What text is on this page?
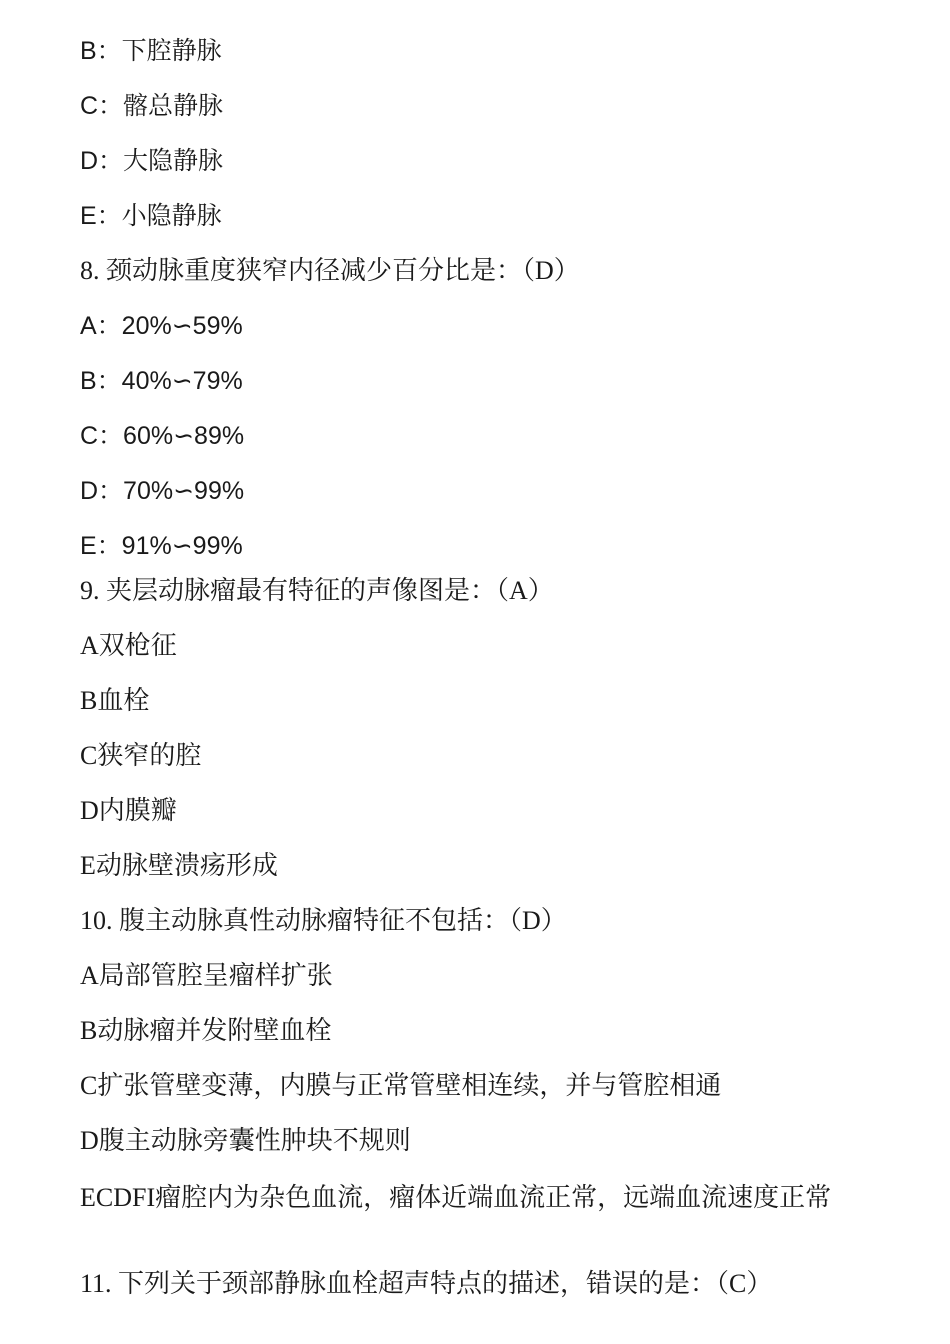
B：下腔静脉
C：髂总静脉
D：大隐静脉
E：小隐静脉
8. 颈动脉重度狭窄内径减少百分比是：（D）
A：20%∽59%
B：40%∽79%
C：60%∽89%
D：70%∽99%
E：91%∽99%
9. 夹层动脉瘤最有特征的声像图是：（A）
A双枪征
B血栓
C狭窄的腔
D内膜瓣
E动脉壁溃疡形成
10. 腹主动脉真性动脉瘤特征不包括：（D）
A局部管腔呈瘤样扩张
B动脉瘤并发附壁血栓
C扩张管壁变薄，内膜与正常管壁相连续，并与管腔相通
D腹主动脉旁囊性肿块不规则
ECDFI瘤腔内为杂色血流，瘤体近端血流正常，远端血流速度正常
11. 下列关于颈部静脉血栓超声特点的描述，错误的是：（C）
